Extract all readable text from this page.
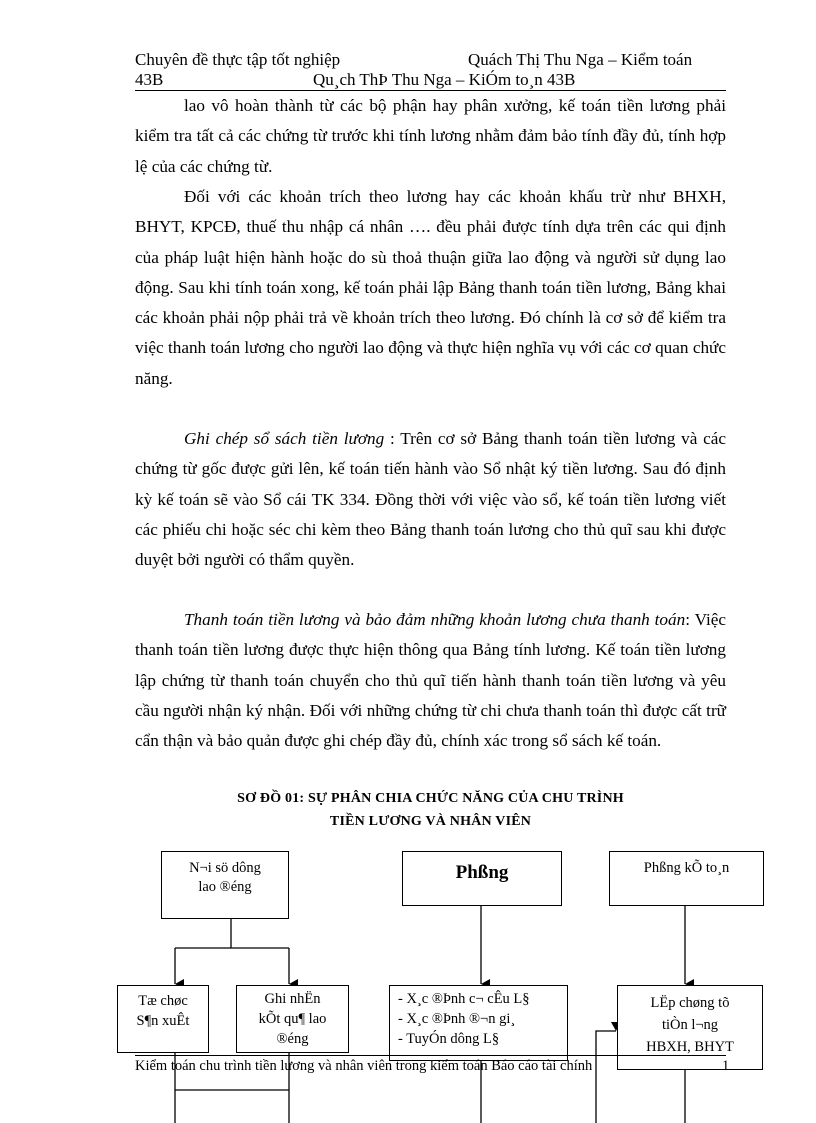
Chuyên đề thực tập tốt nghiệp	Quách Thị Thu Nga – Kiểm toán
43B	Qu¸ch ThÞ Thu Nga – KiÓm to¸n 43B
lao vô hoàn thành từ các bộ phận hay phân xưởng, kế toán tiền lương phải kiểm tra tất cả các chứng từ trước khi tính lương nhằm đảm bảo tính đầy đủ, tính hợp lệ của các chứng từ.
Đối với các khoản trích theo lương hay các khoản khấu trừ như BHXH, BHYT, KPCĐ, thuế thu nhập cá nhân …. đều phải được tính dựa trên các qui định của pháp luật hiện hành hoặc do sù thoả thuận giữa lao động và người sử dụng lao động. Sau khi tính toán xong, kế toán phải lập Bảng thanh toán tiền lương, Bảng khai các khoản phải nộp phải trả về khoản trích theo lương. Đó chính là cơ sở để kiểm tra việc thanh toán lương cho người lao động và thực hiện nghĩa vụ với các cơ quan chức năng.
Ghi chép sổ sách tiền lương : Trên cơ sở Bảng thanh toán tiền lương và các chứng từ gốc được gửi lên, kế toán tiến hành vào Sổ nhật ký tiền lương. Sau đó định kỳ kế toán sẽ vào Sổ cái TK 334. Đồng thời với việc vào sổ, kế toán tiền lương viết các phiếu chi hoặc séc chi kèm theo Bảng thanh toán lương cho thủ quĩ sau khi được duyệt bởi người có thẩm quyền.
Thanh toán tiền lương và bảo đảm những khoản lương chưa thanh toán: Việc thanh toán tiền lương được thực hiện thông qua Bảng tính lương. Kế toán tiền lương lập chứng từ thanh toán chuyển cho thủ quĩ tiến hành thanh toán tiền lương và yêu cầu người nhận ký nhận. Đối với những chứng từ chi chưa thanh toán thì được cất trữ cẩn thận và bảo quản được ghi chép đầy đủ, chính xác trong sổ sách kế toán.
SƠ ĐỒ 01: SỰ PHÂN CHIA CHỨC NĂNG CỦA CHU TRÌNH
TIỀN LƯƠNG VÀ NHÂN VIÊN
N¬i sö dông
lao ®éng
Phßng	Phßng kÕ to¸n
Tæ chøc
S¶n xuÊt
Ghi nhËn
kÕt qu¶ lao
®éng
- X¸c ®Þnh c¬ cÊu L§
- X¸c ®Þnh ®¬n gi¸
- TuyÓn dông L§
LËp chøng tõ
tiÒn l¬ng
HBXH, BHYT
Kiểm toán chu trình tiền lương và nhân viên trong kiểm toán Báo cáo tài chính	1
